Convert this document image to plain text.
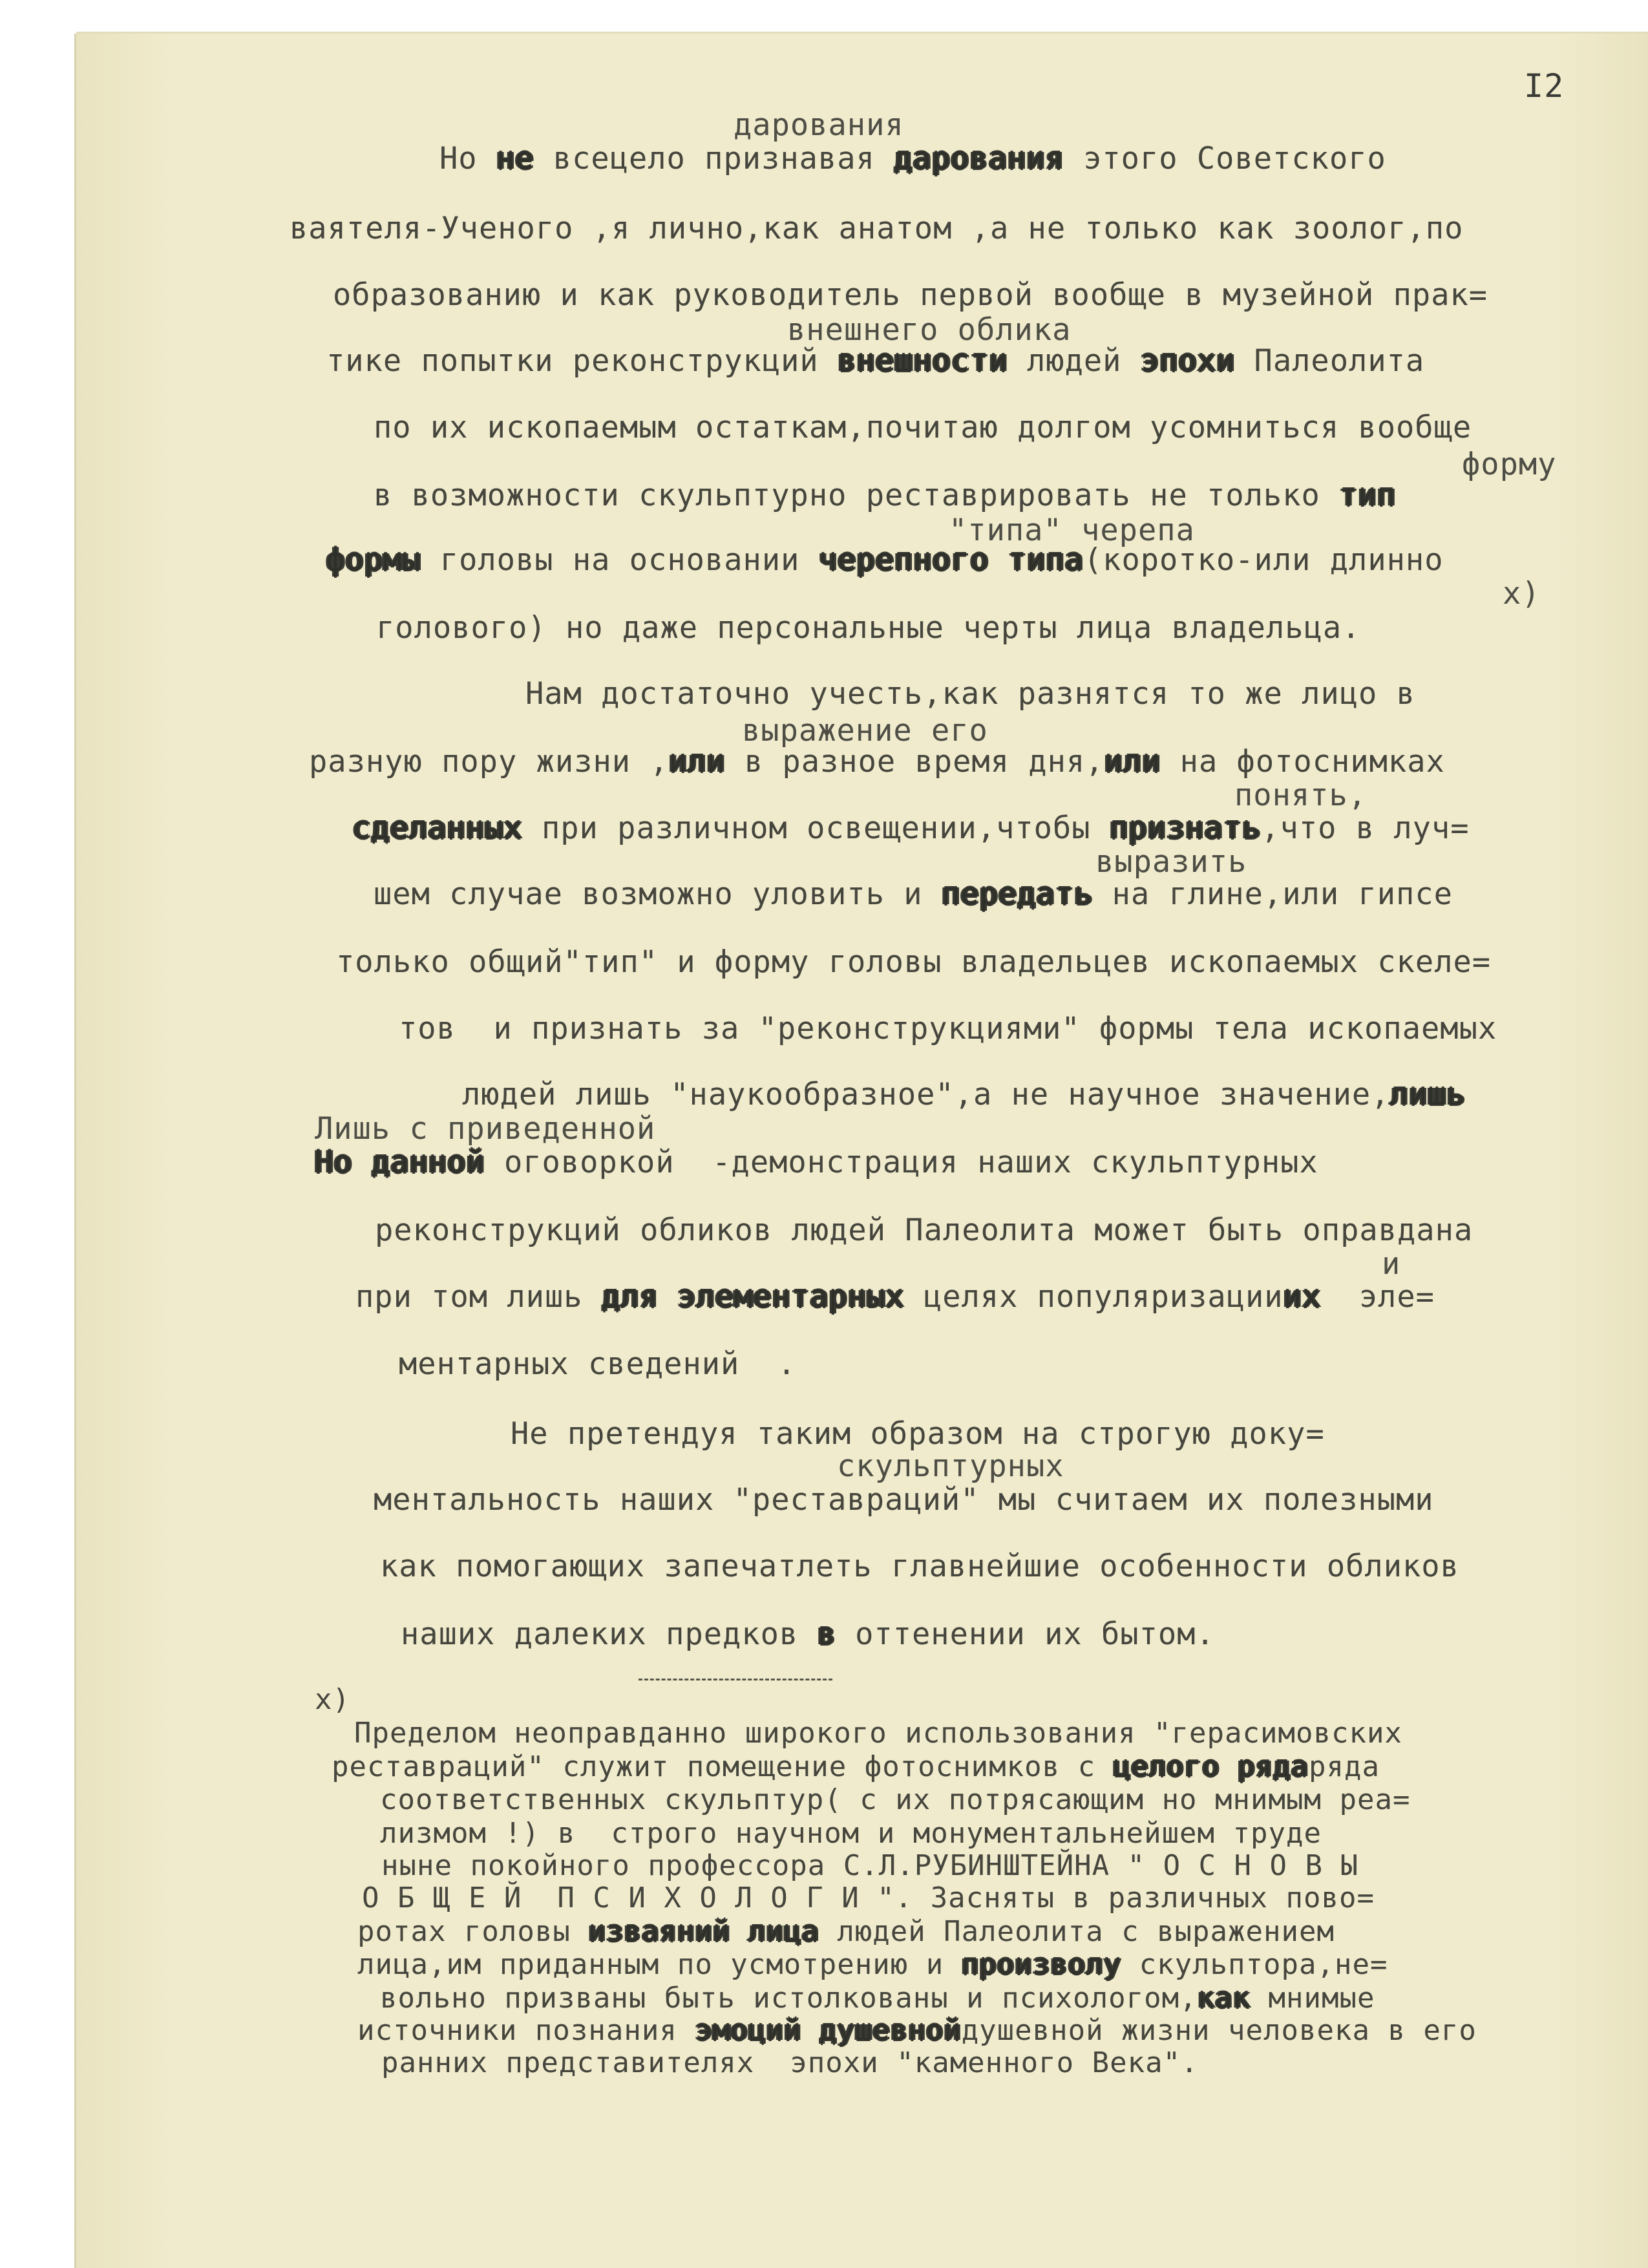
I2
дарования
Но не всецело признавая дарования этого Советского
ваятеля-Ученого ,я лично,как анатом ,а не только как зоолог,по
образованию и как руководитель первой вообще в музейной прак=
внешнего облика
тике попытки реконструкций внешности людей эпохи Палеолита
по их ископаемым остаткам,почитаю долгом усомниться вообще
форму
в возможности скульптурно реставрировать не только тип
"типа" черепа
формы головы на основании черепного типа(коротко-или длинно
х)
голового) но даже персональные черты лица владельца.
Нам достаточно учесть,как разнятся то же лицо в
выражение его
разную пору жизни ,или в разное время дня,или на фотоснимках
понять,
сделанных при различном освещении,чтобы признать,что в луч=
выразить
шем случае возможно уловить и передать на глине,или гипсе
только общий"тип" и форму головы владельцев ископаемых скеле=
тов  и признать за "реконструкциями" формы тела ископаемых
людей лишь "наукообразное",а не научное значение,лишь
Лишь с приведенной
Но данной оговоркой  -демонстрация наших скульптурных
реконструкций обликов людей Палеолита может быть оправдана
и
при том лишь для элементарных целях популяризацииих  эле=
ментарных сведений  .
Не претендуя таким образом на строгую доку=
скульптурных
ментальность наших "реставраций" мы считаем их полезными
как помогающих запечатлеть главнейшие особенности обликов
наших далеких предков в оттенении их бытом.
х)
Пределом неоправданно широкого использования "герасимовских
реставраций" служит помещение фотоснимков с целого рядаряда
соответственных скульптур( с их потрясающим но мнимым реа=
лизмом !) в  строго научном и монументальнейшем труде
ныне покойного профессора С.Л.РУБИНШТЕЙНА " О С Н О В Ы
О Б Щ Е Й  П С И Х О Л О Г И ". Засняты в различных пово=
ротах головы изваяний лица людей Палеолита с выражением
лица,им приданным по усмотрению и произволу скульптора,не=
вольно призваны быть истолкованы и психологом,как мнимые
источники познания эмоций душевнойдушевной жизни человека в его
ранних представителях  эпохи "каменного Века".
